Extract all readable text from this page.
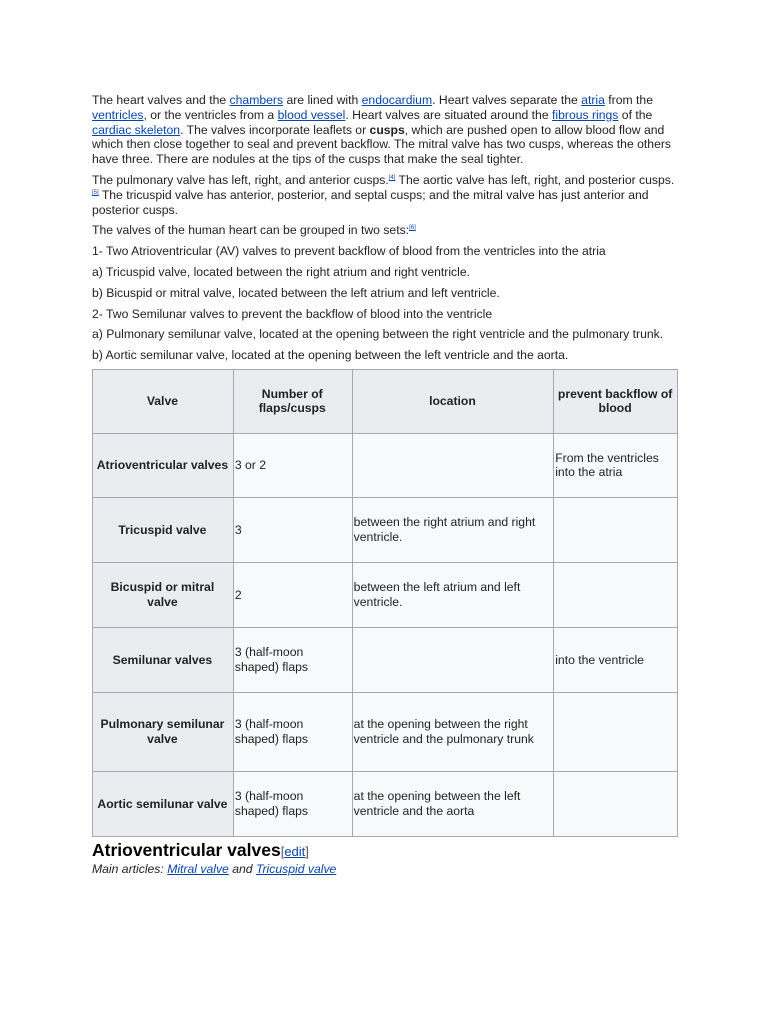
The heart valves and the chambers are lined with endocardium. Heart valves separate the atria from the ventricles, or the ventricles from a blood vessel. Heart valves are situated around the fibrous rings of the cardiac skeleton. The valves incorporate leaflets or cusps, which are pushed open to allow blood flow and which then close together to seal and prevent backflow. The mitral valve has two cusps, whereas the others have three. There are nodules at the tips of the cusps that make the seal tighter.

The pulmonary valve has left, right, and anterior cusps.[4] The aortic valve has left, right, and posterior cusps.[5] The tricuspid valve has anterior, posterior, and septal cusps; and the mitral valve has just anterior and posterior cusps.

The valves of the human heart can be grouped in two sets:[6]

1- Two Atrioventricular (AV) valves to prevent backflow of blood from the ventricles into the atria

a) Tricuspid valve, located between the right atrium and right ventricle.

b) Bicuspid or mitral valve, located between the left atrium and left ventricle.

2- Two Semilunar valves to prevent the backflow of blood into the ventricle

a) Pulmonary semilunar valve, located at the opening between the right ventricle and the pulmonary trunk.

b) Aortic semilunar valve, located at the opening between the left ventricle and the aorta.

Valve	Number of flaps/cusps	location	prevent backflow of blood
Atrioventricular valves	3 or 2		From the ventricles into the atria
Tricuspid valve	3	between the right atrium and right ventricle.	
Bicuspid or mitral valve	2	between the left atrium and left ventricle.	
Semilunar valves	3 (half-moon shaped) flaps		into the ventricle
Pulmonary semilunar valve	3 (half-moon shaped) flaps	at the opening between the right ventricle and the pulmonary trunk	
Aortic semilunar valve	3 (half-moon shaped) flaps	at the opening between the left ventricle and the aorta	
Atrioventricular valves[edit]
Main articles: Mitral valve and Tricuspid valve
